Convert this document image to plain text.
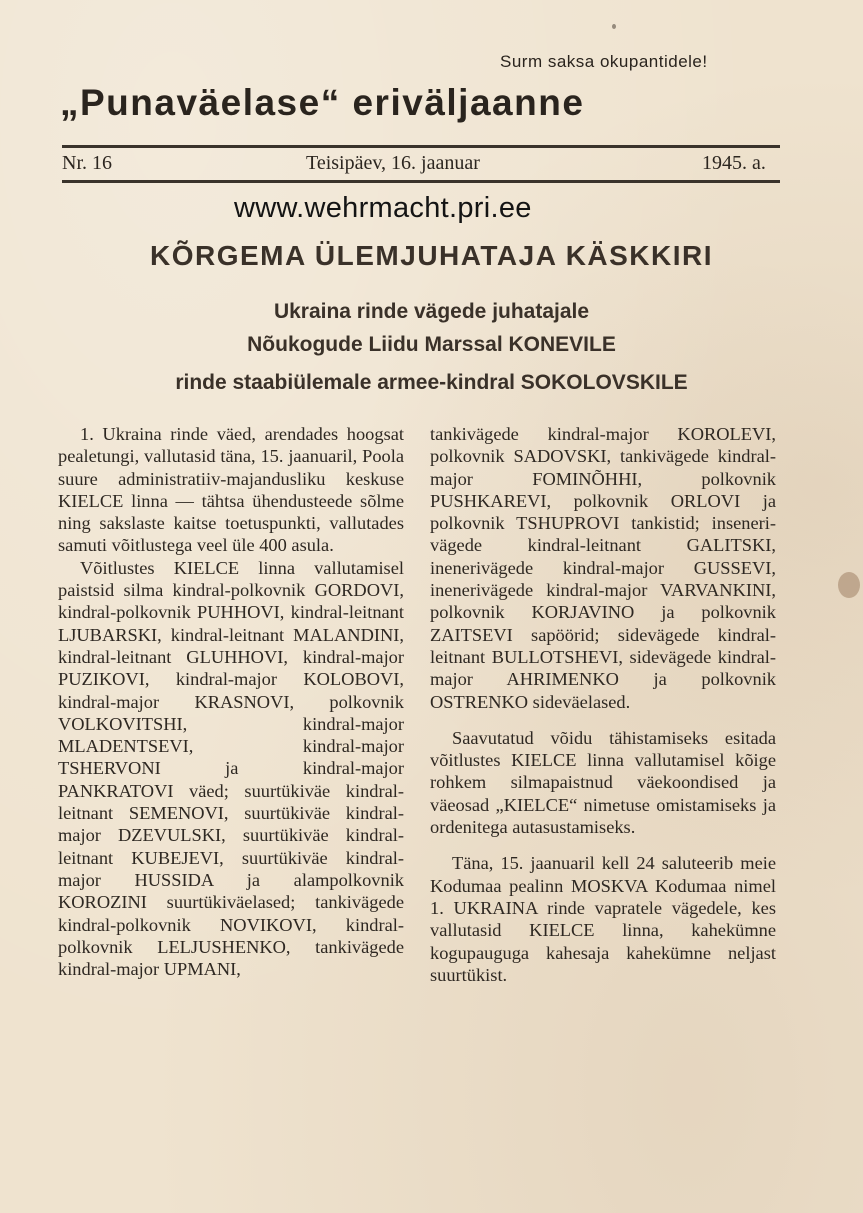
Surm saksa okupantidele!
„Punaväelase“ eriväljaanne
Nr. 16	Teisipäev, 16. jaanuar	1945. a.
www.wehrmacht.pri.ee
KÕRGEMA ÜLEMJUHATAJA KÄSKKIRI
Ukraina rinde vägede juhatajale
Nõukogude Liidu Marssal KONEVILE
rinde staabiülemale armee-kindral SOKOLOVSKILE

1. Ukraina rinde väed, arendades hoogsat pealetungi, vallutasid täna, 15. jaanuaril, Poola suure administratiiv-majandusliku keskuse KIELCE linna — tähtsa ühendusteede sõlme ning sakslaste kaitse toetuspunkti, vallutades samuti võitlustega veel üle 400 asula.

Võitlustes KIELCE linna vallutamisel paistsid silma kindral-polkovnik GORDOVI, kindral-polkovnik PUHHOVI, kindral-leitnant LJUBARSKI, kindral-leitnant MALANDINI, kindral-leitnant GLUHHOVI, kindral-major PUZIKOVI, kindral-major KOLOBOVI, kindral-major KRASNOVI, polkovnik VOLKOVITSHI, kindral-major MLADENTSEVI, kindral-major TSHERVONI ja kindral-major PANKRATOVI väed; suurtükiväe kindral-leitnant SEMENOVI, suurtükiväe kindral-major DZEVULSKI, suurtükiväe kindral-leitnant KUBEJEVI, suurtükiväe kindral-major HUSSIDA ja alampolkovnik KOROZINI suurtükiväelased; tankivägede kindral-polkovnik NOVIKOVI, kindral-polkovnik LELJUSHENKO, tankivägede kindral-major UPMANI,

tankivägede kindral-major KOROLEVI, polkovnik SADOVSKI, tankivägede kindral-major FOMINÕHHI, polkovnik PUSHKAREVI, polkovnik ORLOVI ja polkovnik TSHUPROVI tankistid; inseneri-vägede kindral-leitnant GALITSKI, inenerivägede kindral-major GUSSEVI, inenerivägede kindral-major VARVANKINI, polkovnik KORJAVINO ja polkovnik ZAITSEVI sapöörid; sidevägede kindral-leitnant BULLOTSHEVI, sidevägede kindral-major AHRIMENKO ja polkovnik OSTRENKO sideväelased.

Saavutatud võidu tähistamiseks esitada võitlustes KIELCE linna vallutamisel kõige rohkem silmapaistnud väekoondised ja väeosad „KIELCE“ nimetuse omistamiseks ja ordenitega autasustamiseks.

Täna, 15. jaanuaril kell 24 saluteerib meie Kodumaa pealinn MOSKVA Kodumaa nimel 1. UKRAINA rinde vapratele vägedele, kes vallutasid KIELCE linna, kahekümne kogupauguga kahesaja kahekümne neljast suurtükist.
